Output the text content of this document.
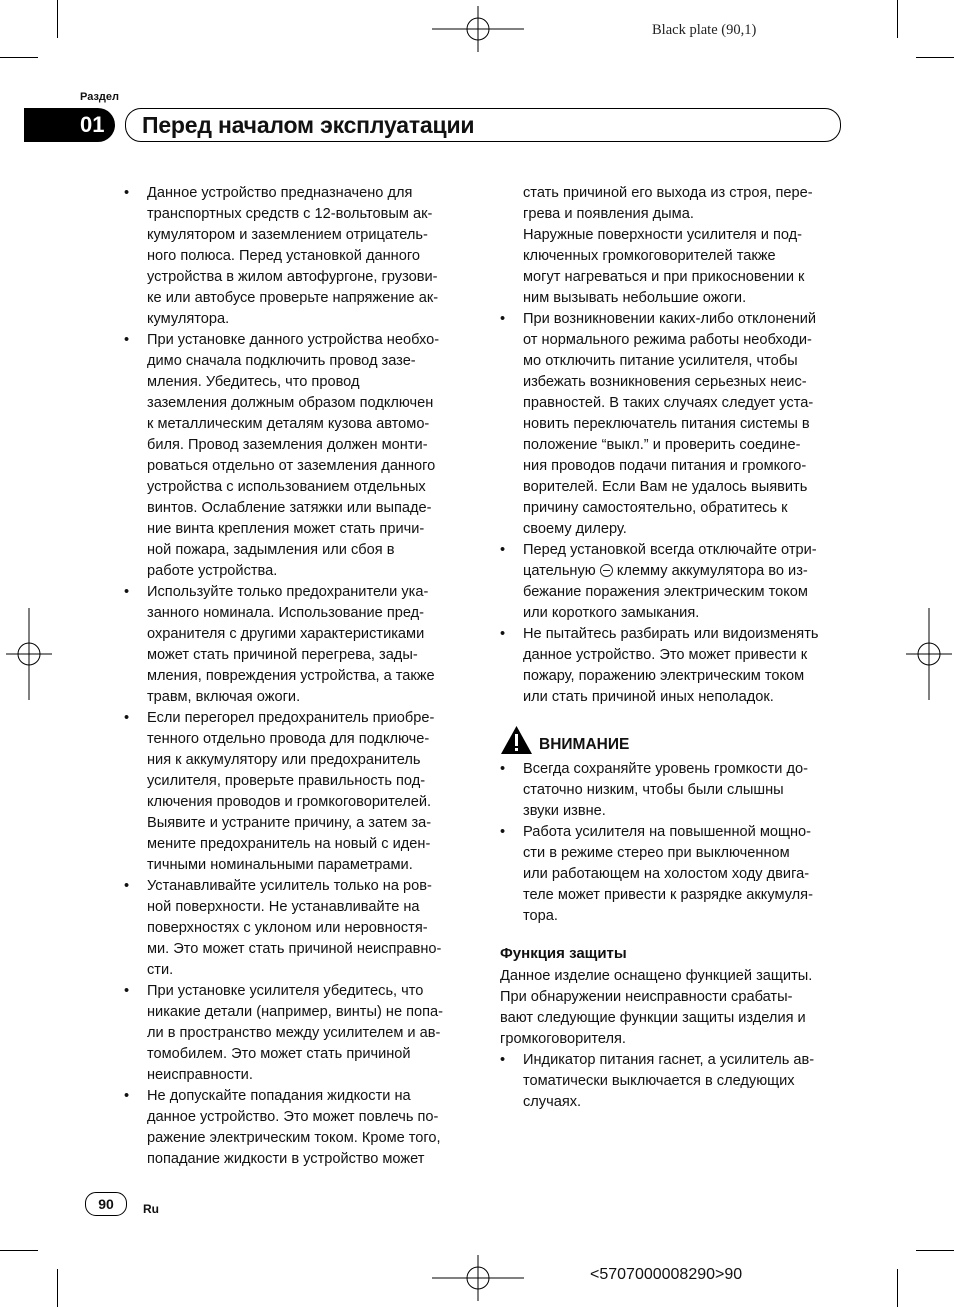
Black plate (90,1)
Раздел
01	Перед началом эксплуатации
• Данное устройство предназначено для
транспортных средств с 12-вольтовым ак-
кумулятором и заземлением отрицатель-
ного полюса. Перед установкой данного
устройства в жилом автофургоне, грузови-
ке или автобусе проверьте напряжение ак-
кумулятора.
• При установке данного устройства необхо-
димо сначала подключить провод зазе-
мления. Убедитесь, что провод
заземления должным образом подключен
к металлическим деталям кузова автомо-
биля. Провод заземления должен монти-
роваться отдельно от заземления данного
устройства с использованием отдельных
винтов. Ослабление затяжки или выпаде-
ние винта крепления может стать причи-
ной пожара, задымления или сбоя в
работе устройства.
• Используйте только предохранители ука-
занного номинала. Использование пред-
охранителя с другими характеристиками
может стать причиной перегрева, зады-
мления, повреждения устройства, а также
травм, включая ожоги.
• Если перегорел предохранитель приобре-
тенного отдельно провода для подключе-
ния к аккумулятору или предохранитель
усилителя, проверьте правильность под-
ключения проводов и громкоговорителей.
Выявите и устраните причину, а затем за-
мените предохранитель на новый с иден-
тичными номинальными параметрами.
• Устанавливайте усилитель только на ров-
ной поверхности. Не устанавливайте на
поверхностях с уклоном или неровностя-
ми. Это может стать причиной неисправно-
сти.
• При установке усилителя убедитесь, что
никакие детали (например, винты) не попа-
ли в пространство между усилителем и ав-
томобилем. Это может стать причиной
неисправности.
• Не допускайте попадания жидкости на
данное устройство. Это может повлечь по-
ражение электрическим током. Кроме того,
попадание жидкости в устройство может
стать причиной его выхода из строя, пере-
грева и появления дыма.
Наружные поверхности усилителя и под-
ключенных громкоговорителей также
могут нагреваться и при прикосновении к
ним вызывать небольшие ожоги.
• При возникновении каких-либо отклонений
от нормального режима работы необходи-
мо отключить питание усилителя, чтобы
избежать возникновения серьезных неис-
правностей. В таких случаях следует уста-
новить переключатель питания системы в
положение “выкл.” и проверить соедине-
ния проводов подачи питания и громкого-
ворителей. Если Вам не удалось выявить
причину самостоятельно, обратитесь к
своему дилеру.
• Перед установкой всегда отключайте отри-
цательную  клемму аккумулятора во из-
бежание поражения электрическим током
или короткого замыкания.
• Не пытайтесь разбирать или видоизменять
данное устройство. Это может привести к
пожару, поражению электрическим током
или стать причиной иных неполадок.
ВНИМАНИЕ
• Всегда сохраняйте уровень громкости до-
статочно низким, чтобы были слышны
звуки извне.
• Работа усилителя на повышенной мощно-
сти в режиме стерео при выключенном
или работающем на холостом ходу двига-
теле может привести к разрядке аккумуля-
тора.
Функция защиты
Данное изделие оснащено функцией защиты.
При обнаружении неисправности срабаты-
вают следующие функции защиты изделия и
громкоговорителя.
• Индикатор питания гаснет, а усилитель ав-
томатически выключается в следующих
случаях.
90	Ru
<5707000008290>90
